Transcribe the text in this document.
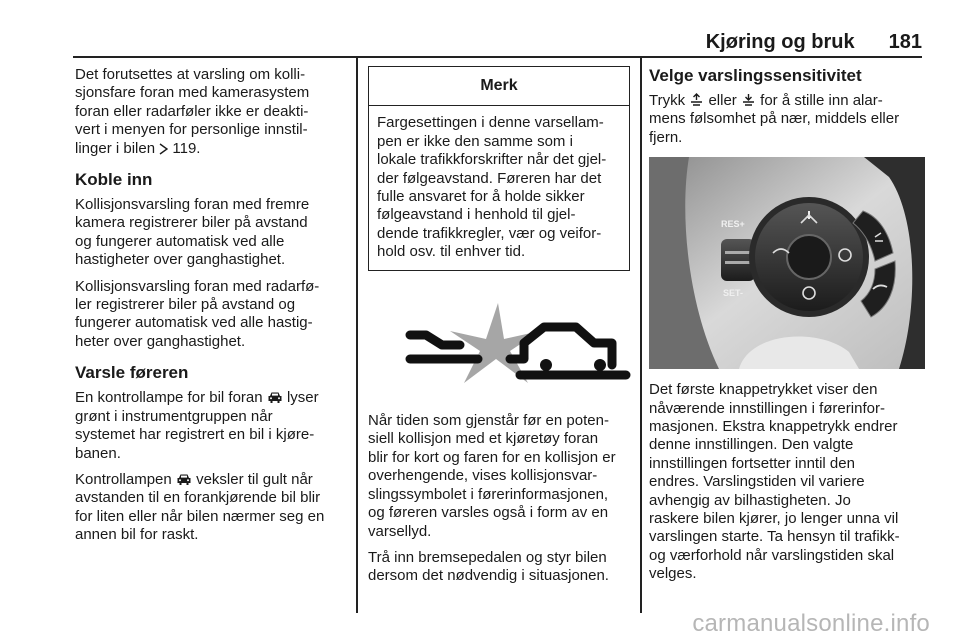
Kjøring og bruk 181

Det forutsettes at varsling om kolli-
sjonsfare foran med kamerasystem
foran eller radarføler ikke er deakti-
vert i menyen for personlige innstil-
linger i bilen 119.

Koble inn

Kollisjonsvarsling foran med fremre
kamera registrerer biler på avstand
og fungerer automatisk ved alle
hastigheter over ganghastighet.

Kollisjonsvarsling foran med radarfø-
ler registrerer biler på avstand og
fungerer automatisk ved alle hastig-
heter over ganghastighet.

Varsle føreren

En kontrollampe for bil foran lyser
grønt i instrumentgruppen når
systemet har registrert en bil i kjøre-
banen.

Kontrollampen veksler til gult når
avstanden til en forankjørende bil blir
for liten eller når bilen nærmer seg en
annen bil for raskt.

Merk
Fargesettingen i denne varsellam-
pen er ikke den samme som i
lokale trafikkforskrifter når det gjel-
der følgeavstand. Føreren har det
fulle ansvaret for å holde sikker
følgeavstand i henhold til gjel-
dende trafikkregler, vær og veifor-
hold osv. til enhver tid.

Når tiden som gjenstår før en poten-
siell kollisjon med et kjøretøy foran
blir for kort og faren for en kollisjon er
overhengende, vises kollisjonsvar-
slingssymbolet i førerinformasjonen,
og føreren varsles også i form av en
varsellyd.

Trå inn bremsepedalen og styr bilen
dersom det nødvendig i situasjonen.

Velge varslingssensitivitet

Trykk eller for å stille inn alar-
mens følsomhet på nær, middels eller
fjern.

RES+
SET-

Det første knappetrykket viser den
nåværende innstillingen i førerinfor-
masjonen. Ekstra knappetrykk endrer
denne innstillingen. Den valgte
innstillingen fortsetter inntil den
endres. Varslingstiden vil variere
avhengig av bilhastigheten. Jo
raskere bilen kjører, jo lenger unna vil
varslingen starte. Ta hensyn til trafikk-
og værforhold når varslingstiden skal
velges.

carmanualsonline.info
